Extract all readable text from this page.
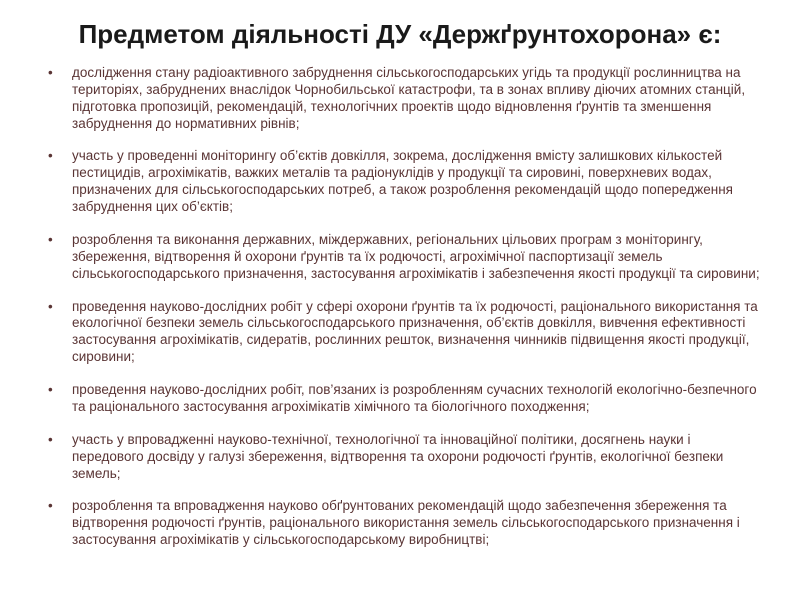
Предметом діяльності ДУ «Держґрунтохорона» є:
•	дослідження стану радіоактивного забруднення сільськогосподарських угідь та продукції рослинництва на територіях, забруднених внаслідок Чорнобильської катастрофи, та в зонах впливу діючих атомних станцій, підготовка пропозицій, рекомендацій, технологічних проектів щодо відновлення ґрунтів та зменшення забруднення до нормативних рівнів;
•	участь у проведенні моніторингу об’єктів довкілля, зокрема, дослідження вмісту залишкових кількостей пестицидів, агрохімікатів, важких металів та радіонуклідів у продукції та сировині, поверхневих водах, призначених для сільськогосподарських потреб, а також розроблення рекомендацій щодо попередження забруднення цих об’єктів;
•	розроблення та виконання державних, міждержавних, регіональних цільових програм з моніторингу, збереження, відтворення й охорони ґрунтів та їх родючості, агрохімічної паспортизації земель сільськогосподарського призначення, застосування агрохімікатів і забезпечення якості продукції та сировини;
•	проведення науково-дослідних робіт у сфері охорони ґрунтів та їх родючості, раціонального використання та екологічної безпеки земель сільськогосподарського призначення, об’єктів довкілля, вивчення ефективності застосування агрохімікатів, сидератів, рослинних решток, визначення чинників підвищення якості продукції, сировини;
•	проведення науково-дослідних робіт, пов’язаних із розробленням сучасних технологій екологічно-безпечного та раціонального застосування агрохімікатів хімічного та біологічного походження;
•	участь у впровадженні науково-технічної, технологічної та інноваційної політики, досягнень науки і передового досвіду у галузі збереження, відтворення та охорони родючості ґрунтів, екологічної безпеки земель;
•	розроблення та впровадження науково обґрунтованих рекомендацій щодо забезпечення збереження та відтворення родючості ґрунтів, раціонального використання земель сільськогосподарського призначення і застосування агрохімікатів у сільськогосподарському виробництві;
